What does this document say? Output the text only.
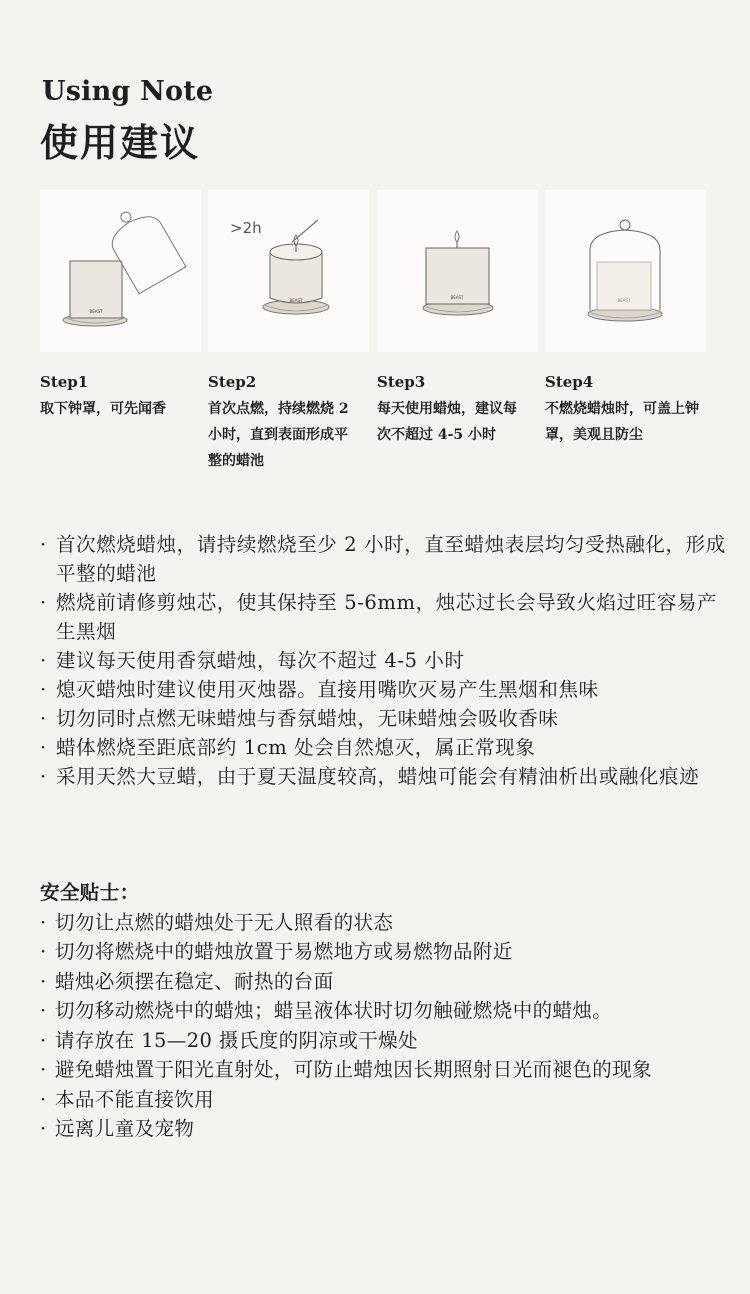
Using Note
使用建议
BEAST
Step1
取下钟罩，可先闻香
>2h
BEAST
Step2
首次点燃，持续燃烧 2 小时，直到表面形成平整的蜡池
BEAST
Step3
每天使用蜡烛，建议每次不超过 4-5 小时
Step4
不燃烧蜡烛时，可盖上钟罩，美观且防尘
· 首次燃烧蜡烛，请持续燃烧至少 2 小时，直至蜡烛表层均匀受热融化，形成平整的蜡池
· 燃烧前请修剪烛芯，使其保持至 5-6mm，烛芯过长会导致火焰过旺容易产生黑烟
· 建议每天使用香氛蜡烛，每次不超过 4-5 小时
· 熄灭蜡烛时建议使用灭烛器。直接用嘴吹灭易产生黑烟和焦味
· 切勿同时点燃无味蜡烛与香氛蜡烛，无味蜡烛会吸收香味
· 蜡体燃烧至距底部约 1cm 处会自然熄灭，属正常现象
· 采用天然大豆蜡，由于夏天温度较高，蜡烛可能会有精油析出或融化痕迹
安全贴士：
· 切勿让点燃的蜡烛处于无人照看的状态
· 切勿将燃烧中的蜡烛放置于易燃地方或易燃物品附近
· 蜡烛必须摆在稳定、耐热的台面
· 切勿移动燃烧中的蜡烛；蜡呈液体状时切勿触碰燃烧中的蜡烛。
· 请存放在 15—20 摄氏度的阴凉或干燥处
· 避免蜡烛置于阳光直射处，可防止蜡烛因长期照射日光而褪色的现象
· 本品不能直接饮用
· 远离儿童及宠物
